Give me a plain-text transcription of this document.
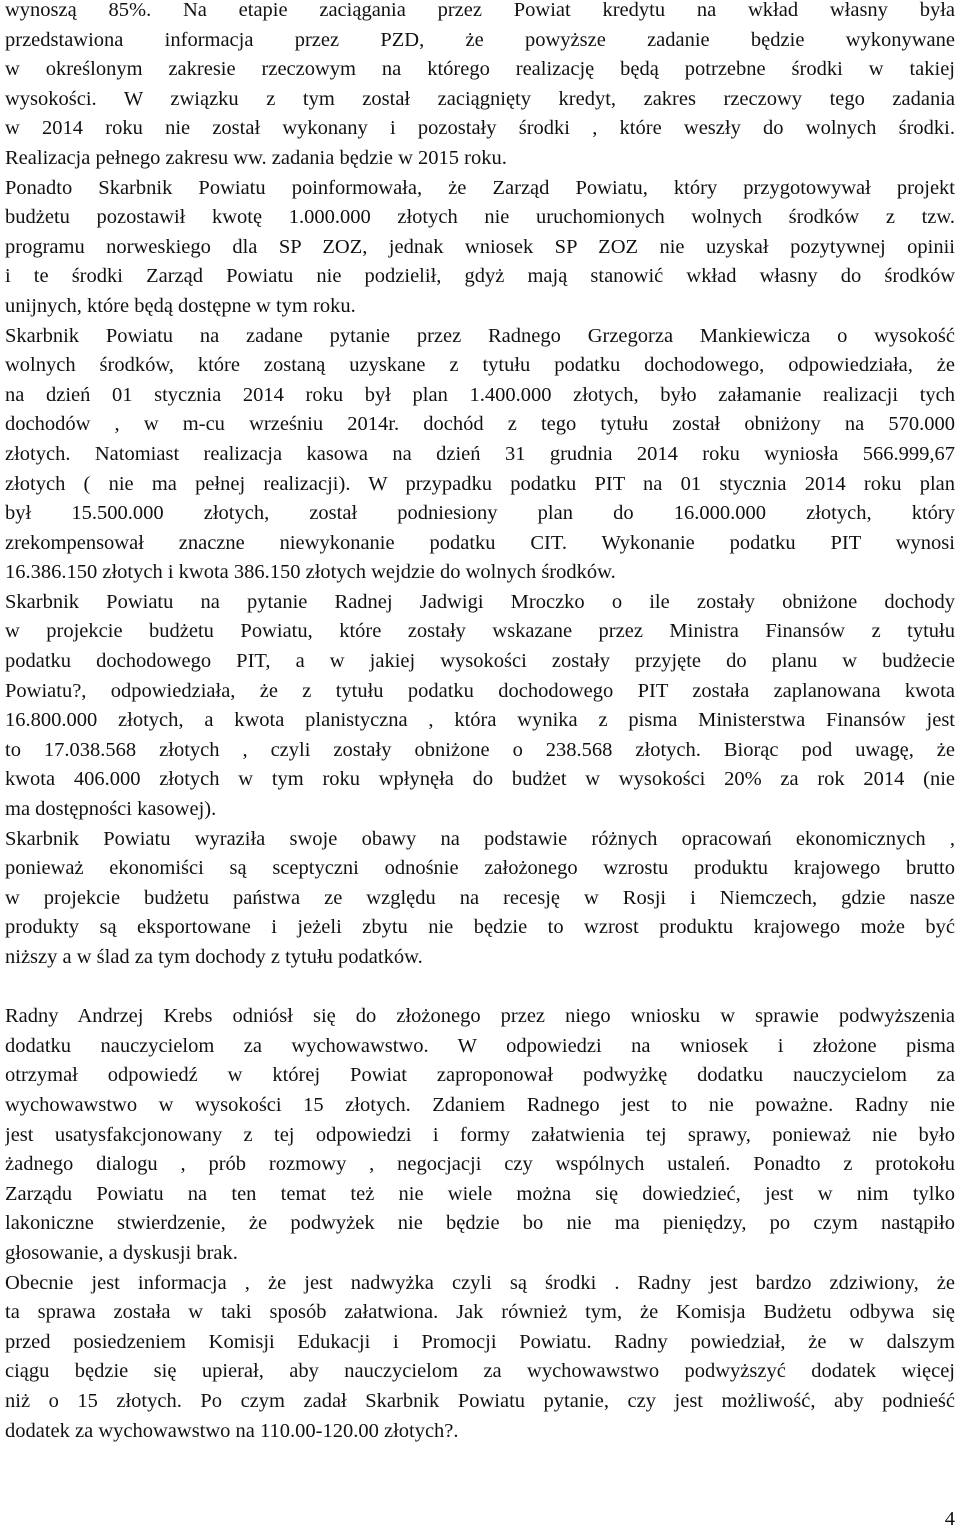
wynoszą 85%. Na etapie zaciągania przez Powiat kredytu na wkład własny była
przedstawiona informacja przez PZD, że powyższe zadanie będzie wykonywane
w określonym zakresie rzeczowym na którego realizację będą potrzebne środki w takiej
wysokości. W związku z tym został zaciągnięty kredyt, zakres rzeczowy tego zadania
w 2014 roku nie został wykonany i pozostały środki , które weszły do wolnych środki.
Realizacja pełnego zakresu ww. zadania będzie w 2015 roku.
Ponadto Skarbnik Powiatu poinformowała, że Zarząd Powiatu, który przygotowywał projekt
budżetu pozostawił kwotę 1.000.000 złotych nie uruchomionych wolnych środków z tzw.
programu norweskiego dla SP ZOZ, jednak wniosek SP ZOZ nie uzyskał pozytywnej opinii
i te środki Zarząd Powiatu nie podzielił, gdyż mają stanowić wkład własny do środków
unijnych, które będą dostępne w tym roku.
Skarbnik Powiatu na zadane pytanie przez Radnego Grzegorza Mankiewicza o wysokość
wolnych środków, które zostaną uzyskane z tytułu podatku dochodowego, odpowiedziała, że
na dzień 01 stycznia 2014 roku był plan 1.400.000 złotych, było załamanie realizacji tych
dochodów , w m-cu wrześniu 2014r. dochód z tego tytułu został obniżony na 570.000
złotych. Natomiast realizacja kasowa na dzień 31 grudnia 2014 roku wyniosła 566.999,67
złotych ( nie ma pełnej realizacji). W przypadku podatku PIT na 01 stycznia 2014 roku plan
był 15.500.000 złotych, został podniesiony plan do 16.000.000 złotych, który
zrekompensował znaczne niewykonanie podatku CIT. Wykonanie podatku PIT wynosi
16.386.150 złotych i kwota 386.150 złotych wejdzie do wolnych środków.
Skarbnik Powiatu na pytanie Radnej Jadwigi Mroczko o ile zostały obniżone dochody
w projekcie budżetu Powiatu, które zostały wskazane przez Ministra Finansów z tytułu
podatku dochodowego PIT, a w jakiej wysokości zostały przyjęte do planu w budżecie
Powiatu?, odpowiedziała, że z tytułu podatku dochodowego PIT została zaplanowana kwota
16.800.000 złotych, a kwota planistyczna , która wynika z pisma Ministerstwa Finansów jest
to 17.038.568 złotych , czyli zostały obniżone o 238.568 złotych. Biorąc pod uwagę, że
kwota 406.000 złotych w tym roku wpłynęła do budżet w wysokości 20% za rok 2014 (nie
ma dostępności kasowej).
Skarbnik Powiatu wyraziła swoje obawy na podstawie różnych opracowań ekonomicznych ,
ponieważ ekonomiści są sceptyczni odnośnie założonego wzrostu produktu krajowego brutto
w projekcie budżetu państwa ze względu na recesję w Rosji i Niemczech, gdzie nasze
produkty są eksportowane i jeżeli zbytu nie będzie to wzrost produktu krajowego może być
niższy a w ślad za tym dochody z tytułu podatków.
Radny Andrzej Krebs odniósł się do złożonego przez niego wniosku w sprawie podwyższenia
dodatku nauczycielom za wychowawstwo. W odpowiedzi na wniosek i złożone pisma
otrzymał odpowiedź w której Powiat zaproponował podwyżkę dodatku nauczycielom za
wychowawstwo w wysokości 15 złotych. Zdaniem Radnego jest to nie poważne. Radny nie
jest usatysfakcjonowany z tej odpowiedzi i formy załatwienia tej sprawy, ponieważ nie było
żadnego dialogu , prób rozmowy , negocjacji czy wspólnych ustaleń. Ponadto z protokołu
Zarządu Powiatu na ten temat też nie wiele można się dowiedzieć, jest w nim tylko
lakoniczne stwierdzenie, że podwyżek nie będzie bo nie ma pieniędzy, po czym nastąpiło
głosowanie, a dyskusji brak.
Obecnie jest informacja , że jest nadwyżka czyli są środki . Radny jest bardzo zdziwiony, że
ta sprawa została w taki sposób załatwiona. Jak również tym, że Komisja Budżetu odbywa się
przed posiedzeniem Komisji Edukacji i Promocji Powiatu. Radny powiedział, że w dalszym
ciągu będzie się upierał, aby nauczycielom za wychowawstwo podwyższyć dodatek więcej
niż o 15 złotych. Po czym zadał Skarbnik Powiatu pytanie, czy jest możliwość, aby podnieść
dodatek za wychowawstwo na 110.00-120.00 złotych?.
4
